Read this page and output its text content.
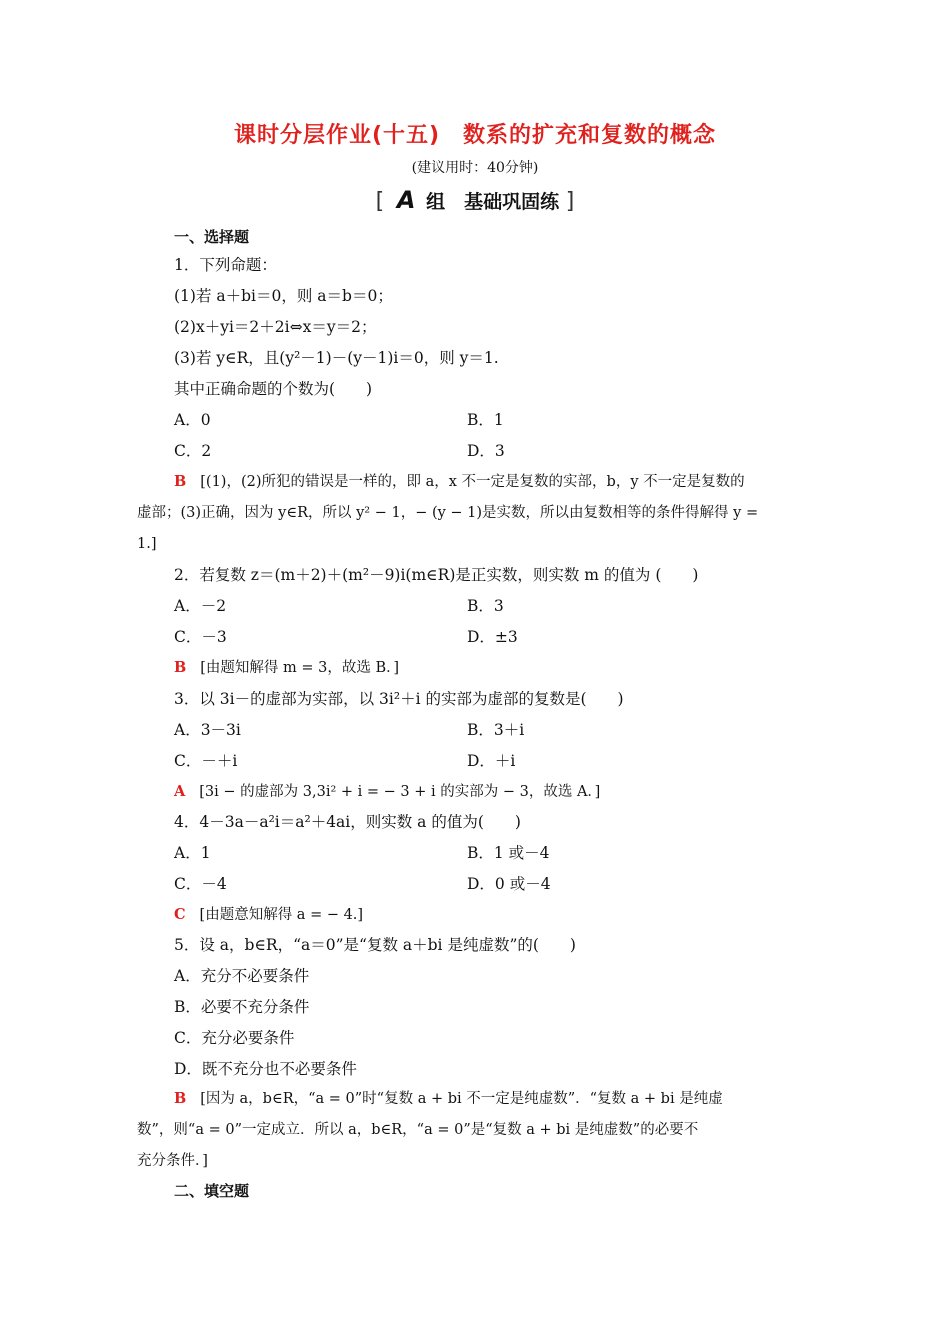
课时分层作业(十五)　数系的扩充和复数的概念
(建议用时：40分钟)
[ A 组　基础巩固练 ]
一、选择题
1．下列命题：
(1)若 a＋bi＝0，则 a＝b＝0；
(2)x＋yi＝2＋2i⇔x＝y＝2；
(3)若 y∈R，且(y²－1)－(y－1)i＝0，则 y＝1.
其中正确命题的个数为(　　)
A．0	B．1
C．2	D．3
B [(1)，(2)所犯的错误是一样的，即 a，x 不一定是复数的实部，b，y 不一定是复数的
虚部；(3)正确，因为 y∈R，所以 y² − 1，− (y − 1)是实数，所以由复数相等的条件得解得 y =
1.]
2．若复数 z＝(m＋2)＋(m²－9)i(m∈R)是正实数，则实数 m 的值为 (　　)
A．－2	B．3
C．－3	D．±3
B [由题知解得 m = 3，故选 B．]
3．以 3i－的虚部为实部，以 3i²＋i 的实部为虚部的复数是(　　)
A．3－3i	B．3＋i
C．－＋i	D．＋i
A [3i − 的虚部为 3,3i² + i = − 3 + i 的实部为 − 3，故选 A．]
4．4－3a－a²i＝a²＋4ai，则实数 a 的值为(　　)
A．1	B．1 或－4
C．－4	D．0 或－4
C [由题意知解得 a = − 4.]
5．设 a，b∈R，“a＝0”是“复数 a＋bi 是纯虚数”的(　　)
A．充分不必要条件
B．必要不充分条件
C．充分必要条件
D．既不充分也不必要条件
B [因为 a，b∈R，“a = 0”时“复数 a + bi 不一定是纯虚数”．“复数 a + bi 是纯虚
数”，则“a = 0”一定成立．所以 a，b∈R，“a = 0”是“复数 a + bi 是纯虚数”的必要不
充分条件．]
二、填空题
